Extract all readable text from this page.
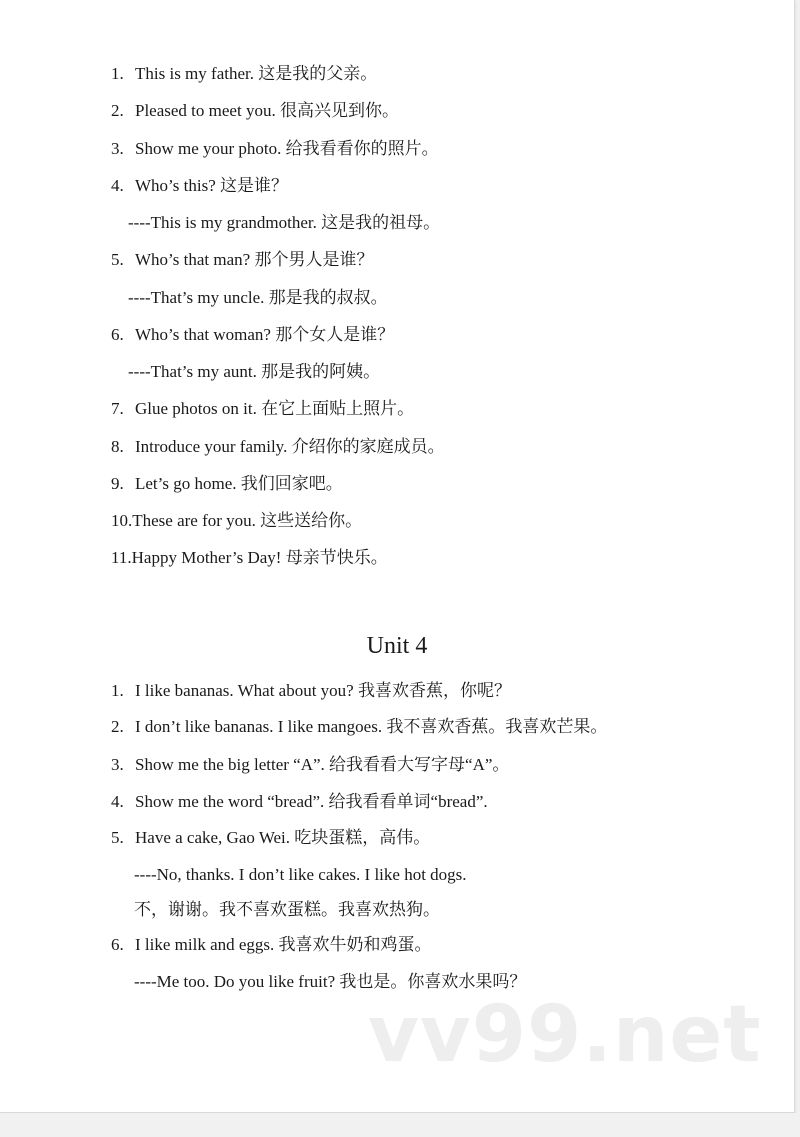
1. This is my father. 这是我的父亲。
2. Pleased to meet you. 很高兴见到你。
3. Show me your photo. 给我看看你的照片。
4. Who’s this? 这是谁？
----This is my grandmother. 这是我的祖母。
5. Who’s that man? 那个男人是谁？
----That’s my uncle. 那是我的叔叔。
6. Who’s that woman? 那个女人是谁？
----That’s my aunt. 那是我的阿姨。
7. Glue photos on it. 在它上面贴上照片。
8. Introduce your family. 介绍你的家庭成员。
9. Let’s go home. 我们回家吧。
10.These are for you. 这些送给你。
11.Happy Mother’s Day! 母亲节快乐。
Unit 4
1. I like bananas. What about you? 我喜欢香蕉，你呢？
2. I don’t like bananas. I like mangoes. 我不喜欢香蕉。我喜欢芒果。
3. Show me the big letter “A”. 给我看看大写字母“A”。
4. Show me the word “bread”. 给我看看单词“bread”.
5. Have a cake, Gao Wei. 吃块蛋糕，高伟。
----No, thanks. I don’t like cakes. I like hot dogs.
不，谢谢。我不喜欢蛋糕。我喜欢热狗。
6. I like milk and eggs. 我喜欢牛奶和鸡蛋。
----Me too. Do you like fruit? 我也是。你喜欢水果吗？
vv99.net
